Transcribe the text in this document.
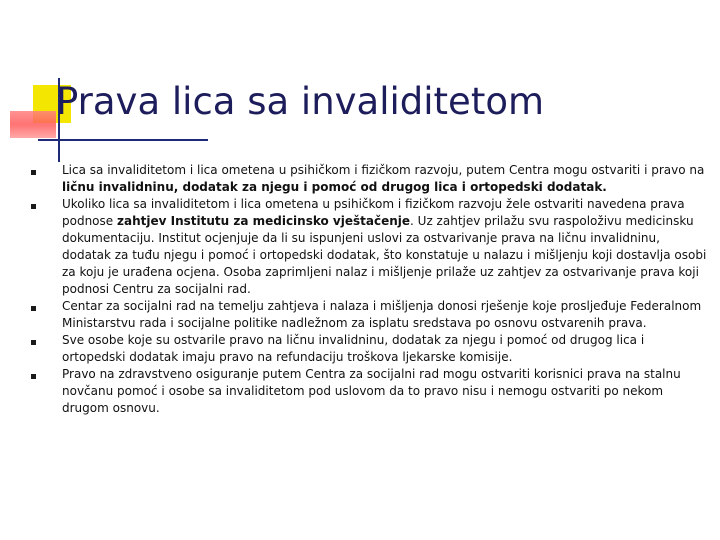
Prava lica sa invaliditetom
Lica sa invaliditetom i lica ometena u psihičkom i fizičkom razvoju, putem Centra mogu ostvariti i pravo na ličnu invalidninu, dodatak za njegu i pomoć od drugog lica i ortopedski dodatak.
Ukoliko lica sa invaliditetom i lica ometena u psihičkom i fizičkom razvoju žele ostvariti navedena prava podnose zahtjev Institutu za medicinsko vještačenje. Uz zahtjev prilažu svu raspoloživu medicinsku dokumentaciju. Institut ocjenjuje da li su ispunjeni uslovi za ostvarivanje prava na ličnu invalidninu, dodatak za tuđu njegu i pomoć i ortopedski dodatak, što konstatuje u nalazu i mišljenju koji dostavlja osobi za koju je urađena ocjena. Osoba zaprimljeni nalaz i mišljenje prilaže uz zahtjev za ostvarivanje prava koji podnosi Centru za socijalni rad.
Centar za socijalni rad na temelju zahtjeva i nalaza i mišljenja donosi rješenje koje prosljeđuje Federalnom Ministarstvu rada i socijalne politike nadležnom za isplatu sredstava po osnovu ostvarenih prava.
Sve osobe koje su ostvarile pravo na ličnu invalidninu, dodatak za njegu i pomoć od drugog lica i ortopedski dodatak imaju pravo na refundaciju troškova ljekarske komisije.
Pravo na zdravstveno osiguranje putem Centra za socijalni rad mogu ostvariti korisnici prava na stalnu novčanu pomoć i osobe sa invaliditetom pod uslovom da to pravo nisu i nemogu ostvariti po nekom drugom osnovu.
